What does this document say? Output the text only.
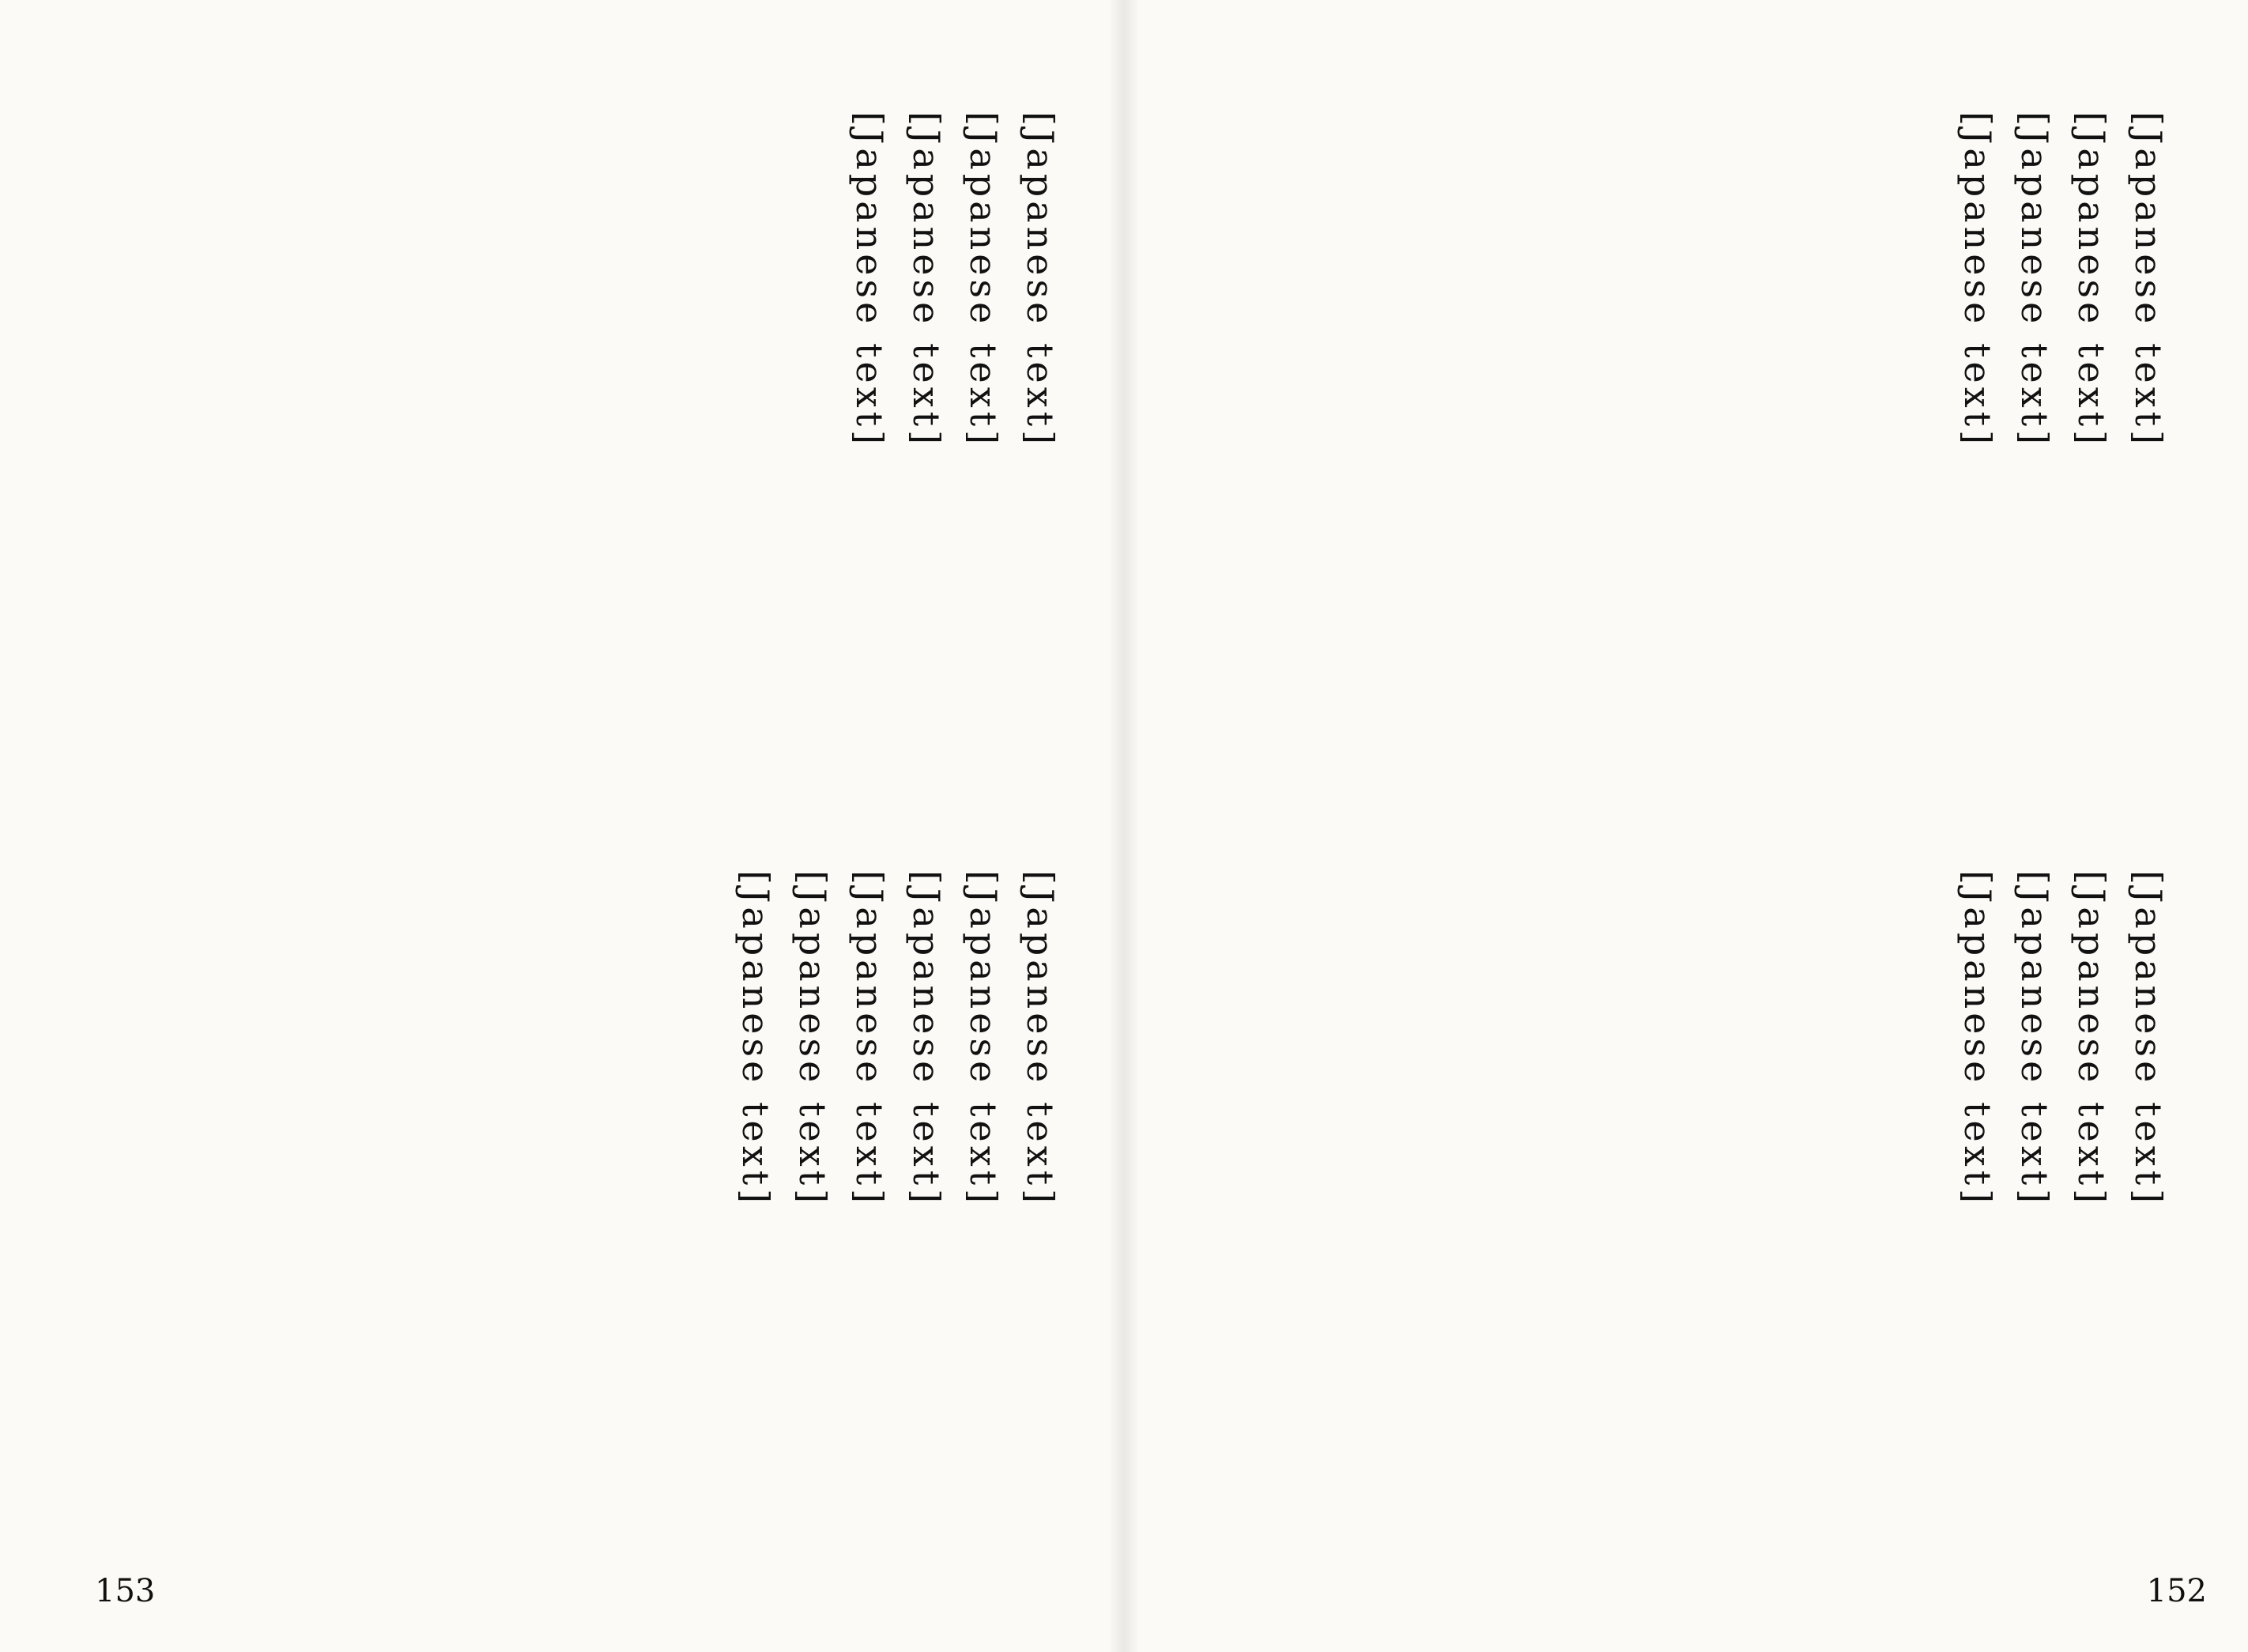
[Japanese text]

[Japanese text]

[Japanese text]

[Japanese text]

[Japanese text]

[Japanese text]

[Japanese text]

[Japanese text]

[Japanese text]

[Japanese text]

153

[Japanese text]

[Japanese text]

[Japanese text]

[Japanese text]

[Japanese text]

[Japanese text]

[Japanese text]

[Japanese text]

152
